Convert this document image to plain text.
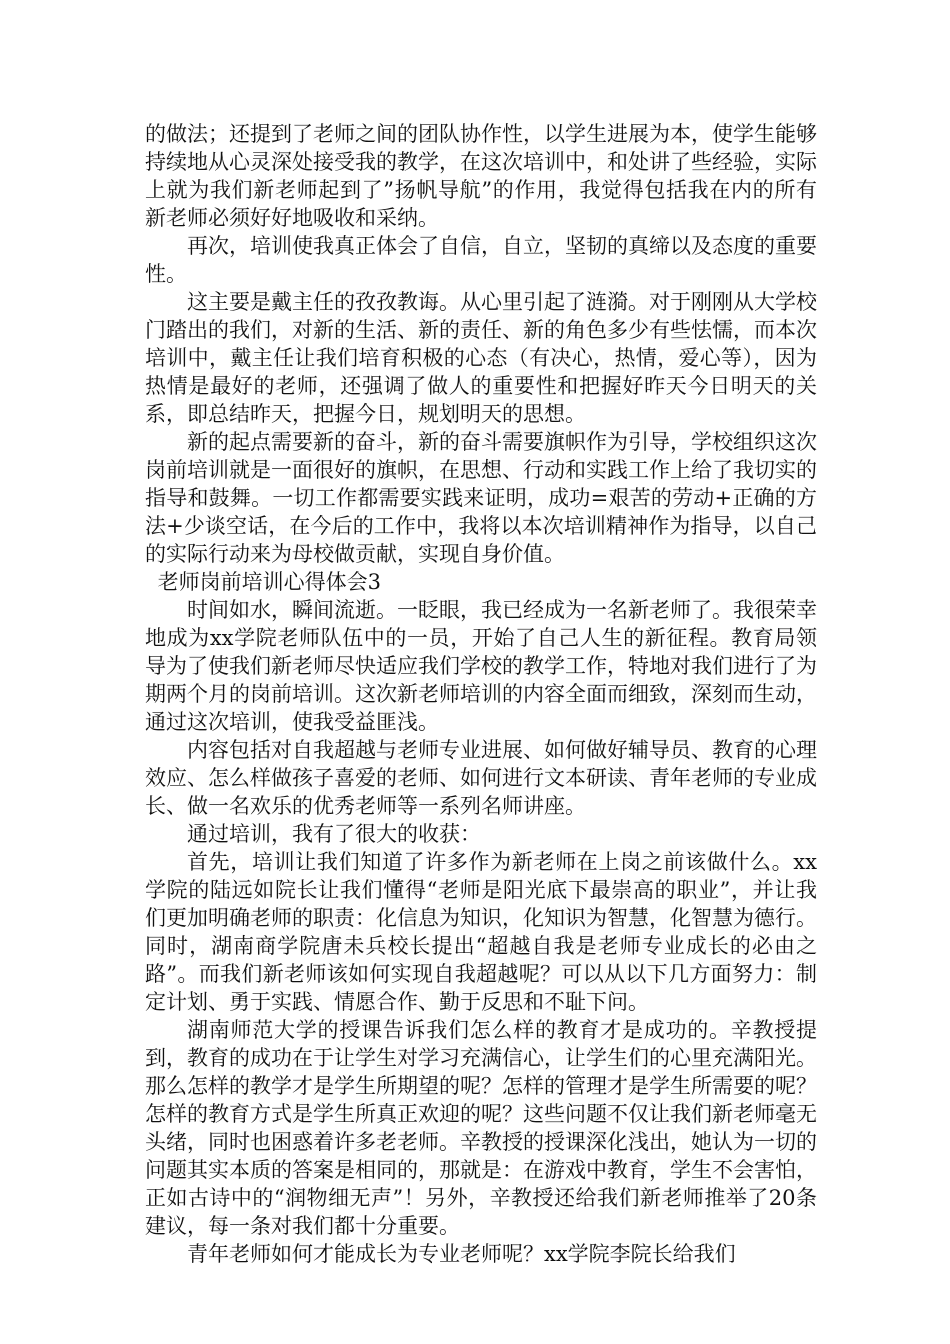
的做法；还提到了老师之间的团队协作性，以学生进展为本，使学生能够持续地从心灵深处接受我的教学，在这次培训中，和处讲了些经验，实际上就为我们新老师起到了”扬帆导航”的作用，我觉得包括我在内的所有新老师必须好好地吸收和采纳。

再次，培训使我真正体会了自信，自立，坚韧的真缔以及态度的重要性。

这主要是戴主任的孜孜教诲。从心里引起了涟漪。对于刚刚从大学校门踏出的我们，对新的生活、新的责任、新的角色多少有些怯懦，而本次培训中，戴主任让我们培育积极的心态（有决心，热情，爱心等），因为热情是最好的老师，还强调了做人的重要性和把握好昨天今日明天的关系，即总结昨天，把握今日，规划明天的思想。

新的起点需要新的奋斗，新的奋斗需要旗帜作为引导，学校组织这次岗前培训就是一面很好的旗帜，在思想、行动和实践工作上给了我切实的指导和鼓舞。一切工作都需要实践来证明，成功=艰苦的劳动+正确的方法+少谈空话，在今后的工作中，我将以本次培训精神作为指导，以自己的实际行动来为母校做贡献，实现自身价值。

老师岗前培训心得体会3

时间如水，瞬间流逝。一眨眼，我已经成为一名新老师了。我很荣幸地成为xx学院老师队伍中的一员，开始了自己人生的新征程。教育局领导为了使我们新老师尽快适应我们学校的教学工作，特地对我们进行了为期两个月的岗前培训。这次新老师培训的内容全面而细致，深刻而生动，通过这次培训，使我受益匪浅。

内容包括对自我超越与老师专业进展、如何做好辅导员、教育的心理效应、怎么样做孩子喜爱的老师、如何进行文本研读、青年老师的专业成长、做一名欢乐的优秀老师等一系列名师讲座。

通过培训，我有了很大的收获：

首先，培训让我们知道了许多作为新老师在上岗之前该做什么。xx学院的陆远如院长让我们懂得“老师是阳光底下最崇高的职业”，并让我们更加明确老师的职责：化信息为知识，化知识为智慧，化智慧为德行。同时，湖南商学院唐未兵校长提出“超越自我是老师专业成长的必由之路”。而我们新老师该如何实现自我超越呢？可以从以下几方面努力：制定计划、勇于实践、情愿合作、勤于反思和不耻下问。

湖南师范大学的授课告诉我们怎么样的教育才是成功的。辛教授提到，教育的成功在于让学生对学习充满信心，让学生们的心里充满阳光。那么怎样的教学才是学生所期望的呢？怎样的管理才是学生所需要的呢？怎样的教育方式是学生所真正欢迎的呢？这些问题不仅让我们新老师毫无头绪，同时也困惑着许多老老师。辛教授的授课深化浅出，她认为一切的问题其实本质的答案是相同的，那就是：在游戏中教育，学生不会害怕，正如古诗中的“润物细无声”！另外，辛教授还给我们新老师推举了20条建议，每一条对我们都十分重要。

青年老师如何才能成长为专业老师呢？xx学院李院长给我们
